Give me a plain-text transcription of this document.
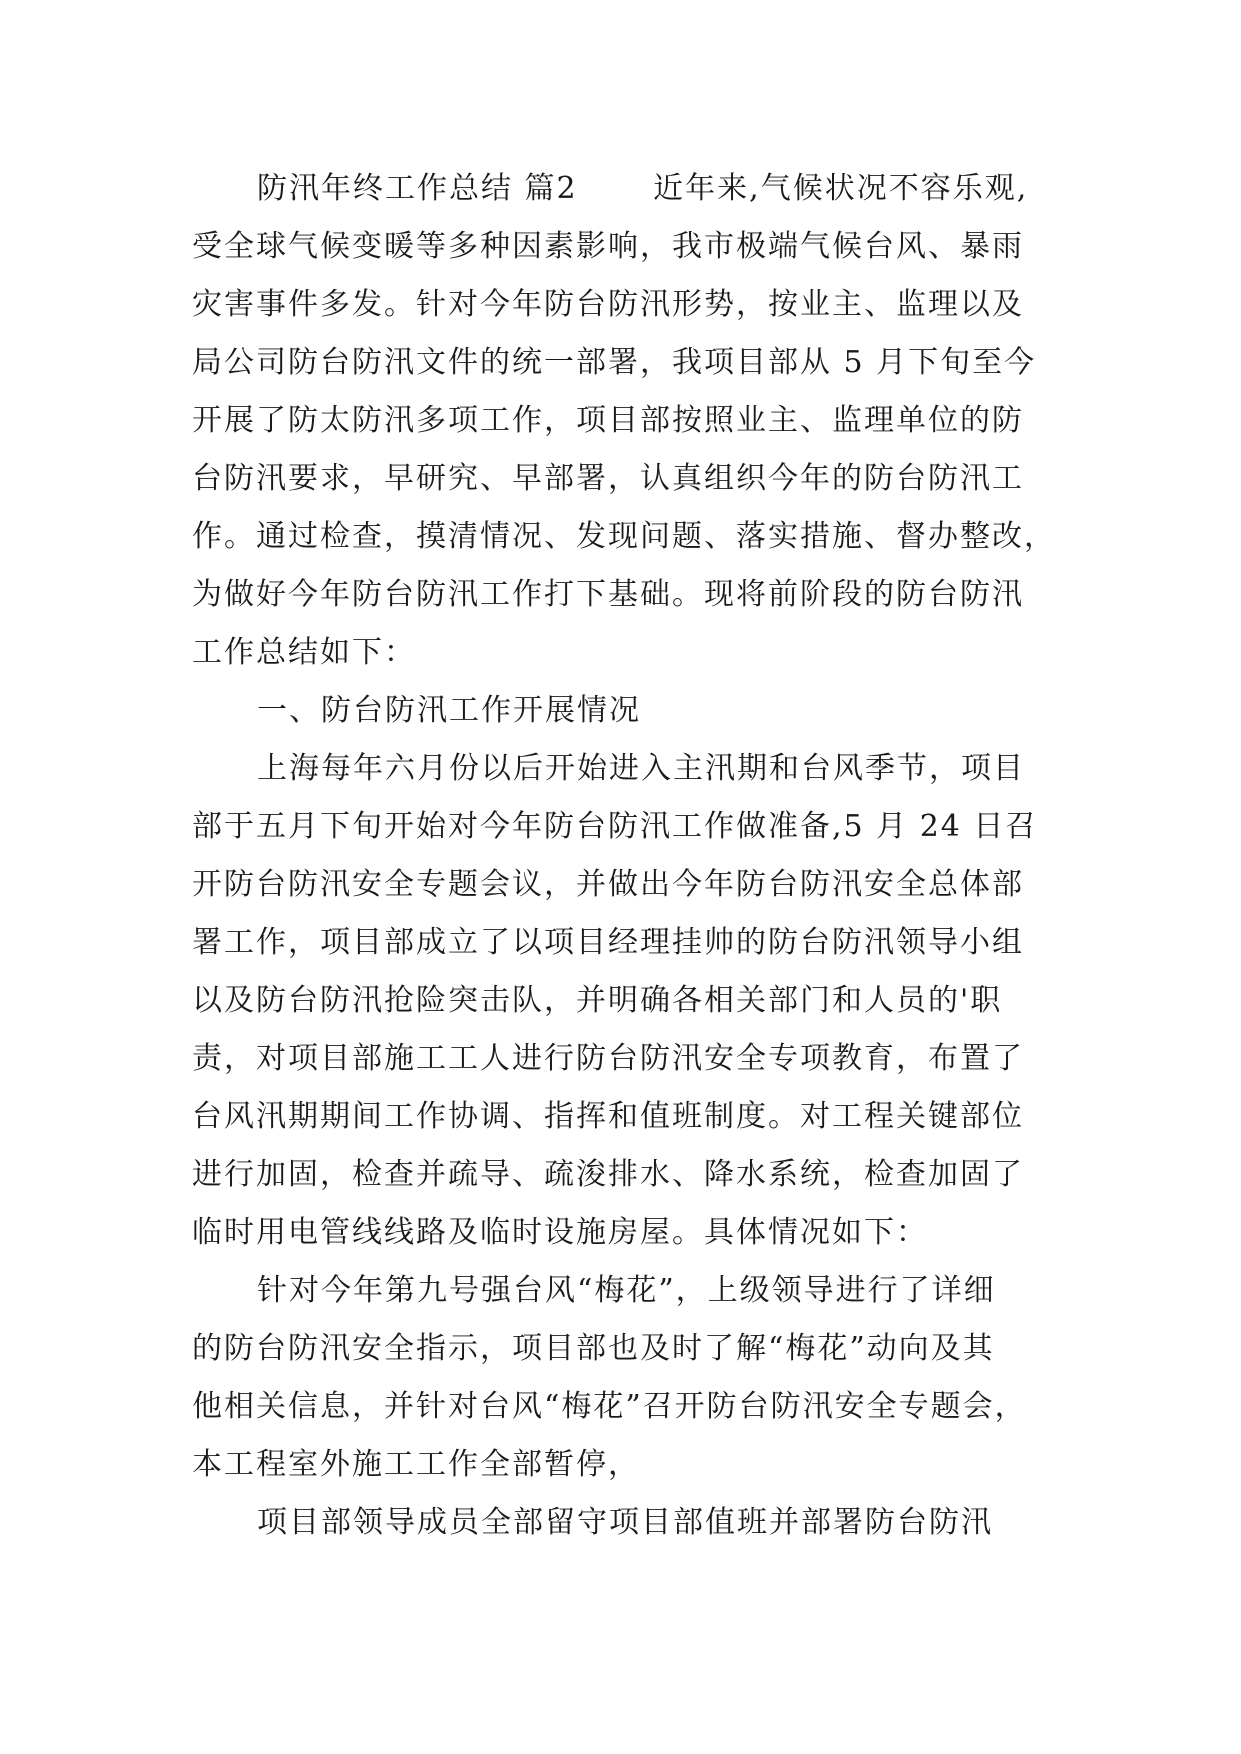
防汛年终工作总结 篇2　　 近年来,气候状况不容乐观,
受全球气候变暖等多种因素影响，我市极端气候台风、暴雨
灾害事件多发。针对今年防台防汛形势，按业主、监理以及
局公司防台防汛文件的统一部署，我项目部从 5 月下旬至今
开展了防太防汛多项工作，项目部按照业主、监理单位的防
台防汛要求，早研究、早部署，认真组织今年的防台防汛工
作。通过检查，摸清情况、发现问题、落实措施、督办整改，
为做好今年防台防汛工作打下基础。现将前阶段的防台防汛
工作总结如下：
一、防台防汛工作开展情况
上海每年六月份以后开始进入主汛期和台风季节，项目
部于五月下旬开始对今年防台防汛工作做准备,5 月 24 日召
开防台防汛安全专题会议，并做出今年防台防汛安全总体部
署工作，项目部成立了以项目经理挂帅的防台防汛领导小组
以及防台防汛抢险突击队，并明确各相关部门和人员的'职
责，对项目部施工工人进行防台防汛安全专项教育，布置了
台风汛期期间工作协调、指挥和值班制度。对工程关键部位
进行加固，检查并疏导、疏浚排水、降水系统，检查加固了
临时用电管线线路及临时设施房屋。具体情况如下：
针对今年第九号强台风“梅花”，上级领导进行了详细
的防台防汛安全指示，项目部也及时了解“梅花”动向及其
他相关信息，并针对台风“梅花”召开防台防汛安全专题会，
本工程室外施工工作全部暂停，
项目部领导成员全部留守项目部值班并部署防台防汛
